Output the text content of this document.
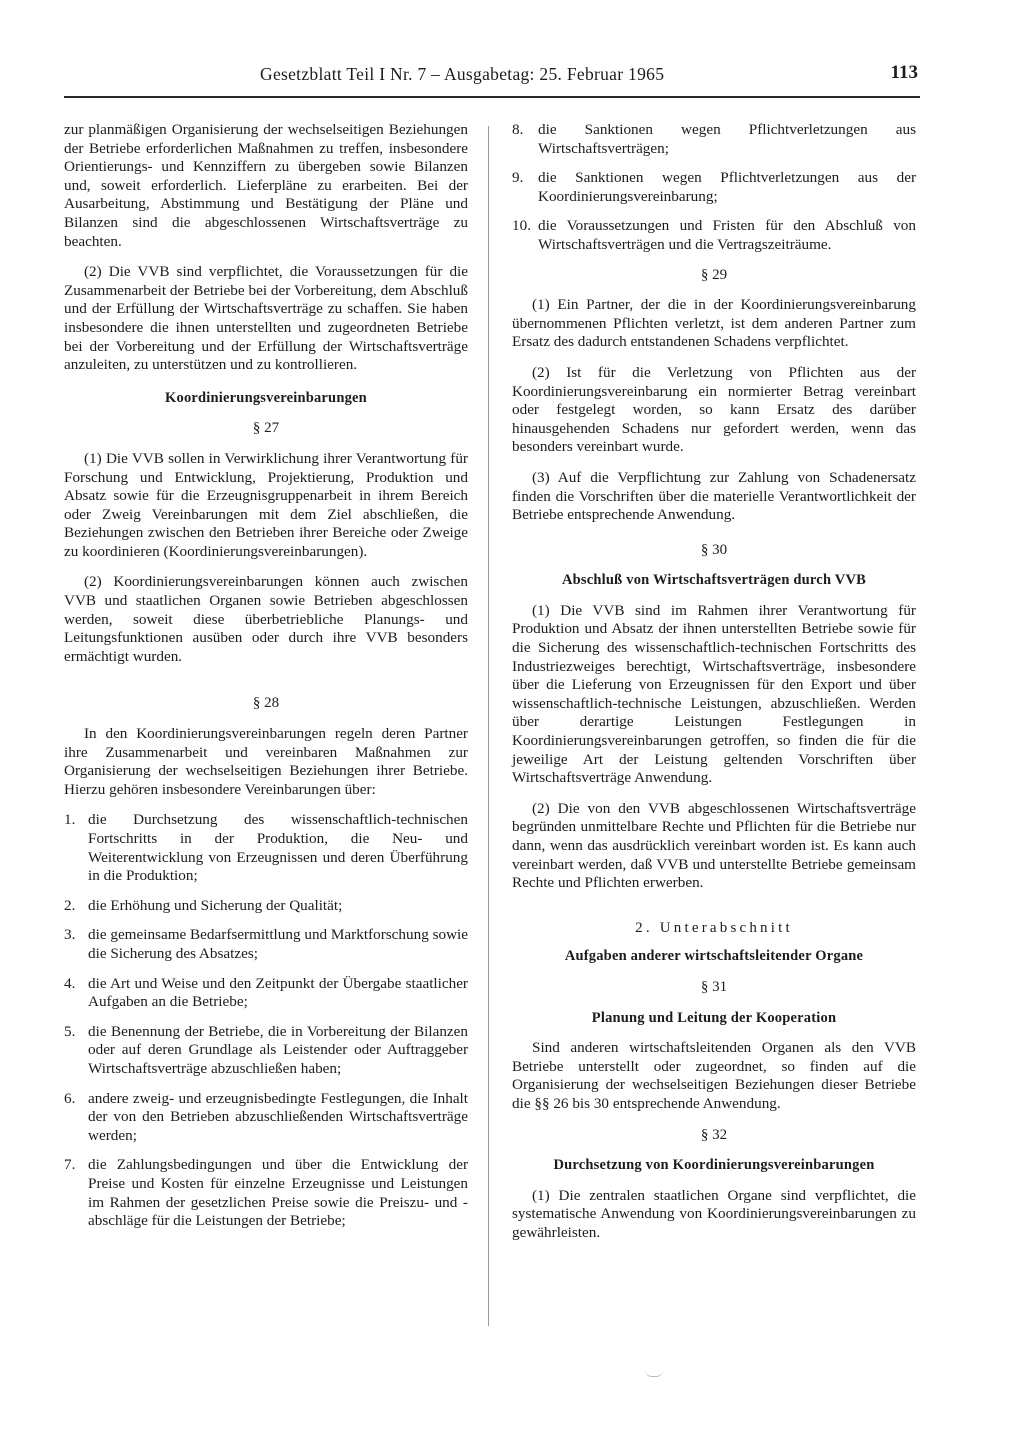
Gesetzblatt Teil I Nr. 7 – Ausgabetag: 25. Februar 1965	113

zur planmäßigen Organisierung der wechselseitigen Beziehungen der Betriebe erforderlichen Maßnahmen zu treffen, insbesondere Orientierungs- und Kennziffern zu übergeben sowie Bilanzen und, soweit erforderlich. Lieferpläne zu erarbeiten. Bei der Ausarbeitung, Abstimmung und Bestätigung der Pläne und Bilanzen sind die abgeschlossenen Wirtschaftsverträge zu beachten.

(2) Die VVB sind verpflichtet, die Voraussetzungen für die Zusammenarbeit der Betriebe bei der Vorbereitung, dem Abschluß und der Erfüllung der Wirtschaftsverträge zu schaffen. Sie haben insbesondere die ihnen unterstellten und zugeordneten Betriebe bei der Vorbereitung und der Erfüllung der Wirtschaftsverträge anzuleiten, zu unterstützen und zu kontrollieren.

Koordinierungsvereinbarungen
§ 27

(1) Die VVB sollen in Verwirklichung ihrer Verantwortung für Forschung und Entwicklung, Projektierung, Produktion und Absatz sowie für die Erzeugnisgruppenarbeit in ihrem Bereich oder Zweig Vereinbarungen mit dem Ziel abschließen, die Beziehungen zwischen den Betrieben ihrer Bereiche oder Zweige zu koordinieren (Koordinierungsvereinbarungen).

(2) Koordinierungsvereinbarungen können auch zwischen VVB und staatlichen Organen sowie Betrieben abgeschlossen werden, soweit diese überbetriebliche Planungs- und Leitungsfunktionen ausüben oder durch ihre VVB besonders ermächtigt wurden.

§ 28

In den Koordinierungsvereinbarungen regeln deren Partner ihre Zusammenarbeit und vereinbaren Maßnahmen zur Organisierung der wechselseitigen Beziehungen ihrer Betriebe. Hierzu gehören insbesondere Vereinbarungen über:

1. die Durchsetzung des wissenschaftlich-technischen Fortschritts in der Produktion, die Neu- und Weiterentwicklung von Erzeugnissen und deren Überführung in die Produktion;
2. die Erhöhung und Sicherung der Qualität;
3. die gemeinsame Bedarfsermittlung und Marktforschung sowie die Sicherung des Absatzes;
4. die Art und Weise und den Zeitpunkt der Übergabe staatlicher Aufgaben an die Betriebe;
5. die Benennung der Betriebe, die in Vorbereitung der Bilanzen oder auf deren Grundlage als Leistender oder Auftraggeber Wirtschaftsverträge abzuschließen haben;
6. andere zweig- und erzeugnisbedingte Festlegungen, die Inhalt der von den Betrieben abzuschließenden Wirtschaftsverträge werden;
7. die Zahlungsbedingungen und über die Entwicklung der Preise und Kosten für einzelne Erzeugnisse und Leistungen im Rahmen der gesetzlichen Preise sowie die Preiszu- und -abschläge für die Leistungen der Betriebe;
8. die Sanktionen wegen Pflichtverletzungen aus Wirtschaftsverträgen;
9. die Sanktionen wegen Pflichtverletzungen aus der Koordinierungsvereinbarung;
10. die Voraussetzungen und Fristen für den Abschluß von Wirtschaftsverträgen und die Vertragszeiträume.
§ 29

(1) Ein Partner, der die in der Koordinierungsvereinbarung übernommenen Pflichten verletzt, ist dem anderen Partner zum Ersatz des dadurch entstandenen Schadens verpflichtet.

(2) Ist für die Verletzung von Pflichten aus der Koordinierungsvereinbarung ein normierter Betrag vereinbart oder festgelegt worden, so kann Ersatz des darüber hinausgehenden Schadens nur gefordert werden, wenn das besonders vereinbart wurde.

(3) Auf die Verpflichtung zur Zahlung von Schadenersatz finden die Vorschriften über die materielle Verantwortlichkeit der Betriebe entsprechende Anwendung.

§ 30
Abschluß von Wirtschaftsverträgen durch VVB

(1) Die VVB sind im Rahmen ihrer Verantwortung für Produktion und Absatz der ihnen unterstellten Betriebe sowie für die Sicherung des wissenschaftlich-technischen Fortschritts des Industriezweiges berechtigt, Wirtschaftsverträge, insbesondere über die Lieferung von Erzeugnissen für den Export und über wissenschaftlich-technische Leistungen, abzuschließen. Werden über derartige Leistungen Festlegungen in Koordinierungsvereinbarungen getroffen, so finden die für die jeweilige Art der Leistung geltenden Vorschriften über Wirtschaftsverträge Anwendung.

(2) Die von den VVB abgeschlossenen Wirtschaftsverträge begründen unmittelbare Rechte und Pflichten für die Betriebe nur dann, wenn das ausdrücklich vereinbart worden ist. Es kann auch vereinbart werden, daß VVB und unterstellte Betriebe gemeinsam Rechte und Pflichten erwerben.

2. Unterabschnitt
Aufgaben anderer wirtschaftsleitender Organe
§ 31
Planung und Leitung der Kooperation

Sind anderen wirtschaftsleitenden Organen als den VVB Betriebe unterstellt oder zugeordnet, so finden auf die Organisierung der wechselseitigen Beziehungen dieser Betriebe die §§ 26 bis 30 entsprechende Anwendung.

§ 32
Durchsetzung von Koordinierungsvereinbarungen

(1) Die zentralen staatlichen Organe sind verpflichtet, die systematische Anwendung von Koordinierungsvereinbarungen zu gewährleisten.
